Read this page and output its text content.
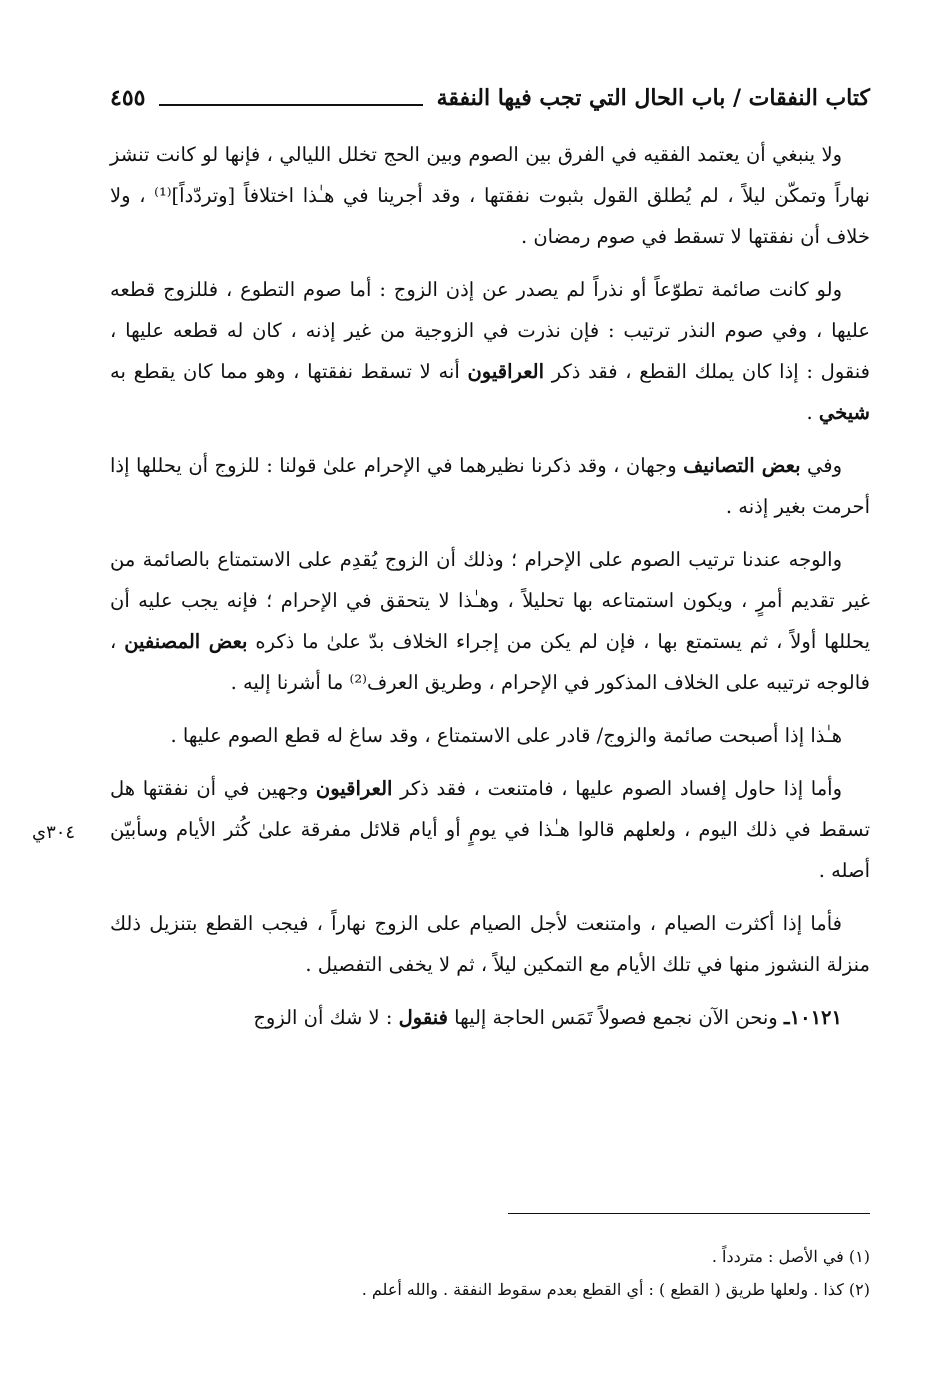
كتاب النفقات / باب الحال التي تجب فيها النفقة
٤٥٥

ولا ينبغي أن يعتمد الفقيه في الفرق بين الصوم وبين الحج تخلل الليالي ، فإنها لو كانت تنشز نهاراً وتمكّن ليلاً ، لم يُطلق القول بثبوت نفقتها ، وقد أجرينا في هـٰذا اختلافاً [وتردّداً]⁽¹⁾ ، ولا خلاف أن نفقتها لا تسقط في صوم رمضان .

ولو كانت صائمة تطوّعاً أو نذراً لم يصدر عن إذن الزوج : أما صوم التطوع ، فللزوج قطعه عليها ، وفي صوم النذر ترتيب : فإن نذرت في الزوجية من غير إذنه ، كان له قطعه عليها ، فنقول : إذا كان يملك القطع ، فقد ذكر العراقيون أنه لا تسقط نفقتها ، وهو مما كان يقطع به شيخي .

وفي بعض التصانيف وجهان ، وقد ذكرنا نظيرهما في الإحرام علىٰ قولنا : للزوج أن يحللها إذا أحرمت بغير إذنه .

والوجه عندنا ترتيب الصوم على الإحرام ؛ وذلك أن الزوج يُقدِم على الاستمتاع بالصائمة من غير تقديم أمرٍ ، ويكون استمتاعه بها تحليلاً ، وهـٰذا لا يتحقق في الإحرام ؛ فإنه يجب عليه أن يحللها أولاً ، ثم يستمتع بها ، فإن لم يكن من إجراء الخلاف بدّ علىٰ ما ذكره بعض المصنفين ، فالوجه ترتيبه على الخلاف المذكور في الإحرام ، وطريق العرف⁽²⁾ ما أشرنا إليه .

هـٰذا إذا أصبحت صائمة والزوج/ قادر على الاستمتاع ، وقد ساغ له قطع الصوم عليها .

وأما إذا حاول إفساد الصوم عليها ، فامتنعت ، فقد ذكر العراقيون وجهين في أن نفقتها هل تسقط في ذلك اليوم ، ولعلهم قالوا هـٰذا في يومٍ أو أيام قلائل مفرقة علىٰ كُثر الأيام وسأبيّن أصله .

فأما إذا أكثرت الصيام ، وامتنعت لأجل الصيام على الزوج نهاراً ، فيجب القطع بتنزيل ذلك منزلة النشوز منها في تلك الأيام مع التمكين ليلاً ، ثم لا يخفى التفصيل .

١٠١٢١ـ ونحن الآن نجمع فصولاً تَمَس الحاجة إليها فنقول : لا شك أن الزوج

٣٠٤ي
(١) في الأصل : متردداً .
(٢) كذا . ولعلها طريق ( القطع ) : أي القطع بعدم سقوط النفقة . والله أعلم .
